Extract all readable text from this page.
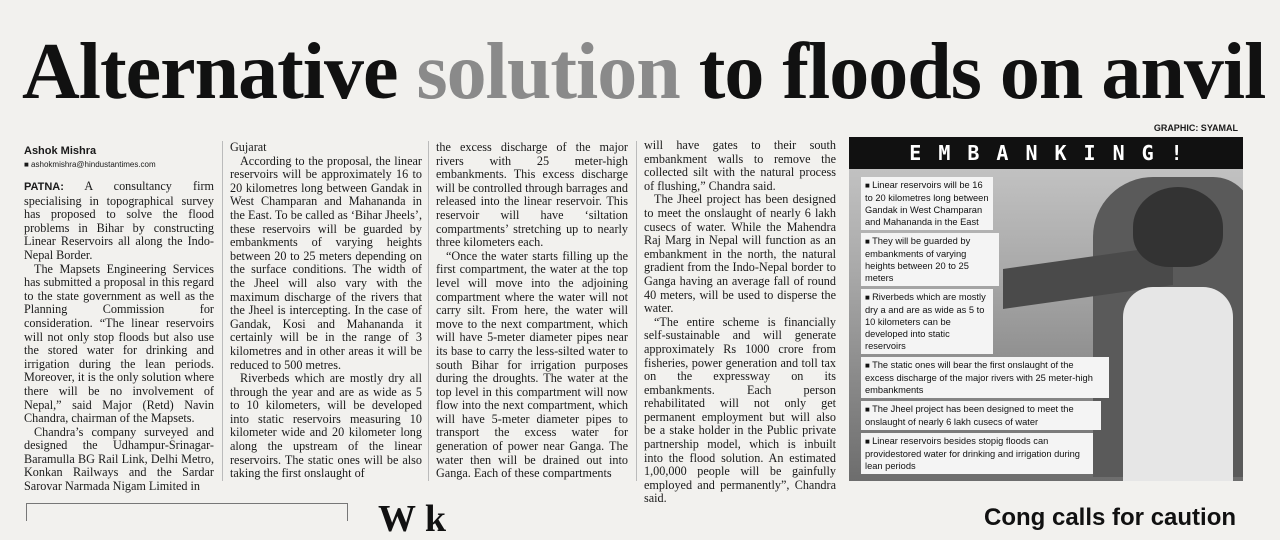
Alternative solution to floods on anvil
Ashok Mishra
■ ashokmishra@hindustantimes.com
GRAPHIC: SYAMAL

PATNA: A consultancy firm specialising in topographical survey has proposed to solve the flood problems in Bihar by constructing Linear Reservoirs all along the Indo-Nepal Border.

The Mapsets Engineering Services has submitted a proposal in this regard to the state government as well as the Planning Commission for consideration. “The linear reservoirs will not only stop floods but also use the stored water for drinking and irrigation during the lean periods. Moreover, it is the only solution where there will be no involvement of Nepal,” said Major (Retd) Navin Chandra, chairman of the Mapsets.

Chandra’s company surveyed and designed the Udhampur-Srinagar-Baramulla BG Rail Link, Delhi Metro, Konkan Railways and the Sardar Sarovar Narmada Nigam Limited in

Gujarat

According to the proposal, the linear reservoirs will be approximately 16 to 20 kilometres long between Gandak in West Champaran and Mahananda in the East. To be called as ‘Bihar Jheels’, these reservoirs will be guarded by embankments of varying heights between 20 to 25 meters depending on the surface conditions. The width of the Jheel will also vary with the maximum discharge of the rivers that the Jheel is intercepting. In the case of Gandak, Kosi and Mahananda it certainly will be in the range of 3 kilometres and in other areas it will be reduced to 500 metres.

Riverbeds which are mostly dry all through the year and are as wide as 5 to 10 kilometers, will be developed into static reservoirs measuring 10 kilometer wide and 20 kilometer long along the upstream of the linear reservoirs. The static ones will be also taking the first onslaught of

the excess discharge of the major rivers with 25 meter-high embankments. This excess discharge will be controlled through barrages and released into the linear reservoir. This reservoir will have ‘siltation compartments’ stretching up to nearly three kilometers each.

“Once the water starts filling up the first compartment, the water at the top level will move into the adjoining compartment where the water will not carry silt. From here, the water will move to the next compartment, which will have 5-meter diameter pipes near its base to carry the less-silted water to south Bihar for irrigation purposes during the droughts. The water at the top level in this compartment will now flow into the next compartment, which will have 5-meter diameter pipes to transport the excess water for generation of power near Ganga. The water then will be drained out into Ganga. Each of these compartments

will have gates to their south embankment walls to remove the collected silt with the natural process of flushing,” Chandra said.

The Jheel project has been designed to meet the onslaught of nearly 6 lakh cusecs of water. While the Mahendra Raj Marg in Nepal will function as an embankment in the north, the natural gradient from the Indo-Nepal border to Ganga having an average fall of round 40 meters, will be used to disperse the water.

“The entire scheme is financially self-sustainable and will generate approximately Rs 1000 crore from fisheries, power generation and toll tax on the expressway on its embankments. Each person rehabilitated will not only get permanent employment but will also be a stake holder in the Public private partnership model, which is inbuilt into the flood solution. An estimated 1,00,000 people will be gainfully employed and permanently”, Chandra said.

EMBANKING!
■ Linear reservoirs will be 16 to 20 kilometres long between Gandak in West Champaran and Mahananda in the East
■ They will be guarded by embankments of varying heights between 20 to 25 meters
■ Riverbeds which are mostly dry a and are as wide as 5 to 10 kilometers can be developed into static reservoirs
■ The static ones will bear the first onslaught of the excess discharge of the major rivers with 25 meter-high embankments
■ The Jheel project has been designed to meet the onslaught of nearly 6 lakh cusecs of water
■ Linear reservoirs besides stopig floods can providestored water for drinking and irrigation during lean periods
W k	Cong calls for caution
